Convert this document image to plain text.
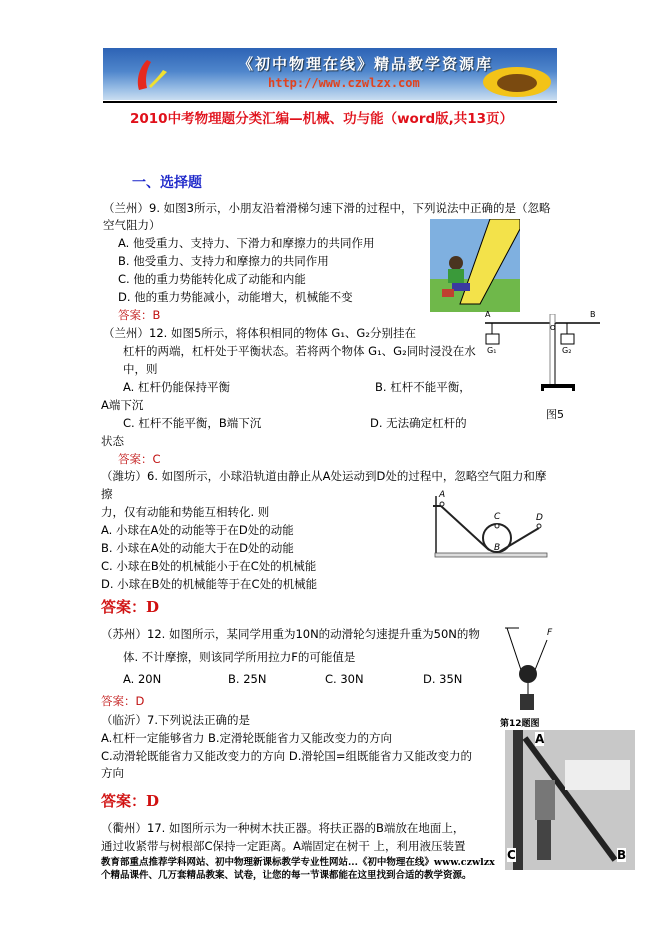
《初中物理在线》精品教学资源库
http://www.czwlzx.com
2010中考物理题分类汇编—机械、功与能（word版,共13页）
一、选择题
（兰州）9. 如图3所示，小朋友沿着滑梯匀速下滑的过程中，下列说法中正确的是（忽略
空气阻力）
A. 他受重力、支持力、下滑力和摩擦力的共同作用
B. 他受重力、支持力和摩擦力的共同作用
C. 他的重力势能转化成了动能和内能
D. 他的重力势能减小，动能增大，机械能不变
答案：B
（兰州）12. 如图5所示，将体积相同的物体 G₁、G₂分别挂在
杠杆的两端，杠杆处于平衡状态。若将两个物体 G₁、G₂同时浸没在水
中，则
A. 杠杆仍能保持平衡	B. 杠杆不能平衡，
A端下沉
C. 杠杆不能平衡，B端下沉	D. 无法确定杠杆的
状态
答案：C
A	B
O
G₁	G₂
图5
（潍坊）6. 如图所示，小球沿轨道由静止从A处运动到D处的过程中，忽略空气阻力和摩
擦
力，仅有动能和势能互相转化. 则
A. 小球在A处的动能等于在D处的动能
B. 小球在A处的动能大于在D处的动能
C. 小球在B处的机械能小于在C处的机械能
D. 小球在B处的机械能等于在C处的机械能
答案：D
A
C	D
B
（苏州）12. 如图所示，某同学用重为10N的动滑轮匀速提升重为50N的物
体. 不计摩擦，则该同学所用拉力F的可能值是
A. 20N	B. 25N	C. 30N	D. 35N
答案：D
F
第12题图
（临沂）7.下列说法正确的是
A.杠杆一定能够省力 B.定滑轮既能省力又能改变力的方向
C.动滑轮既能省力又能改变力的方向 D.滑轮国=组既能省力又能改变力的
方向
答案：D
（衢州）17. 如图所示为一种树木扶正器。将扶正器的B端放在地面上，
通过收紧带与树根部C保持一定距离。A端固定在树干 上，利用液压装置
A
C	B
教育部重点推荐学科网站、初中物理新课标教学专业性网站...《初中物理在线》www.czwlzx
个精品课件、几万套精品教案、试卷，让您的每一节课都能在这里找到合适的教学资源。
